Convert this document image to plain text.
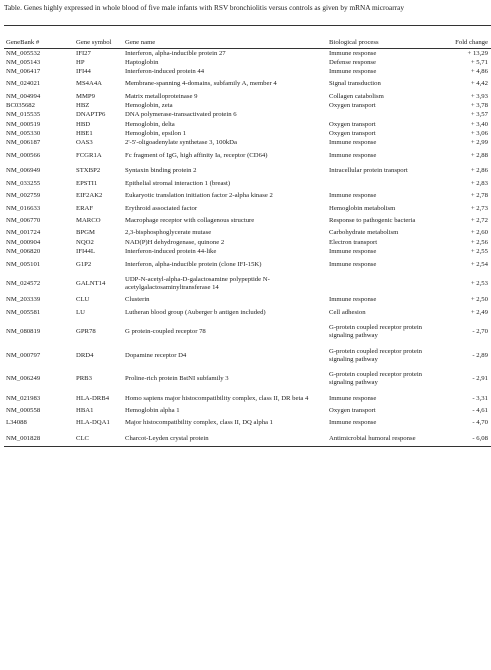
Table. Genes highly expressed in whole blood of five male infants with RSV bronchiolitis versus controls as given by mRNA microarray
GeneBank #	Gene symbol	Gene name	Biological process	Fold change
NM_005532	IFI27	Interferon, alpha-inducible protein 27	Immune response	+ 13,29
NM_005143	HP	Haptoglobin	Defense response	+ 5,71
NM_006417	IFI44	Interferon-induced protein 44	Immune response	+ 4,86
NM_024021	MS4A4A	Membrane-spanning 4-domains, subfamily A, member 4	Signal transduction	+ 4,42
NM_004994	MMP9	Matrix metalloproteinase 9	Collagen catabolism	+ 3,93
BC035682	HBZ	Hemoglobin, zeta	Oxygen transport	+ 3,78
NM_015535	DNAPTP6	DNA polymerase-transactivated protein 6		+ 3,57
NM_000519	HBD	Hemoglobin, delta	Oxygen transport	+ 3,40
NM_005330	HBE1	Hemoglobin, epsilon 1	Oxygen transport	+ 3,06
NM_006187	OAS3	2'-5'-oligoadenylate synthetase 3, 100kDa	Immune response	+ 2,99
NM_000566	FCGR1A	Fc fragment of IgG, high affinity Ia, receptor (CD64)	Immune response	+ 2,88
NM_006949	STXBP2	Syntaxin binding protein 2	Intracellular protein transport	+ 2,86
NM_033255	EPSTI1	Epithelial stromal interaction 1 (breast)		+ 2,83
NM_002759	EIF2AK2	Eukaryotic translation initiation factor 2-alpha kinase 2	Immune response	+ 2,78
NM_016633	ERAF	Erythroid associated factor	Hemoglobin metabolism	+ 2,73
NM_006770	MARCO	Macrophage receptor with collagenous structure	Response to pathogenic bacteria	+ 2,72
NM_001724	BPGM	2,3-bisphosphoglycerate mutase	Carbohydrate metabolism	+ 2,60
NM_000904	NQO2	NAD(P)H dehydrogenase, quinone 2	Electron transport	+ 2,56
NM_006820	IFI44L	Interferon-induced protein 44-like	Immune response	+ 2,55
NM_005101	G1P2	Interferon, alpha-inducible protein (clone IFI-15K)	Immune response	+ 2,54
NM_024572	GALNT14	UDP-N-acetyl-alpha-D-galactosamine polypeptide N-acetylgalactosaminyltransferase 14		+ 2,53
NM_203339	CLU	Clusterin	Immune response	+ 2,50
NM_005581	LU	Lutheran blood group (Auberger b antigen included)	Cell adhesion	+ 2,49
NM_080819	GPR78	G protein-coupled receptor 78	G-protein coupled receptor protein signaling pathway	- 2,70
NM_000797	DRD4	Dopamine receptor D4	G-protein coupled receptor protein signaling pathway	- 2,89
NM_006249	PRB3	Proline-rich protein BstNI subfamily 3	G-protein coupled receptor protein signaling pathway	- 2,91
NM_021983	HLA-DRB4	Homo sapiens major histocompatibility complex, class II, DR beta 4	Immune response	- 3,31
NM_000558	HBA1	Hemoglobin alpha 1	Oxygen transport	- 4,61
L34088	HLA-DQA1	Major histocompatibility complex, class II, DQ alpha 1	Immune response	- 4,70
NM_001828	CLC	Charcot-Leyden crystal protein	Antimicrobial humoral response	- 6,08
